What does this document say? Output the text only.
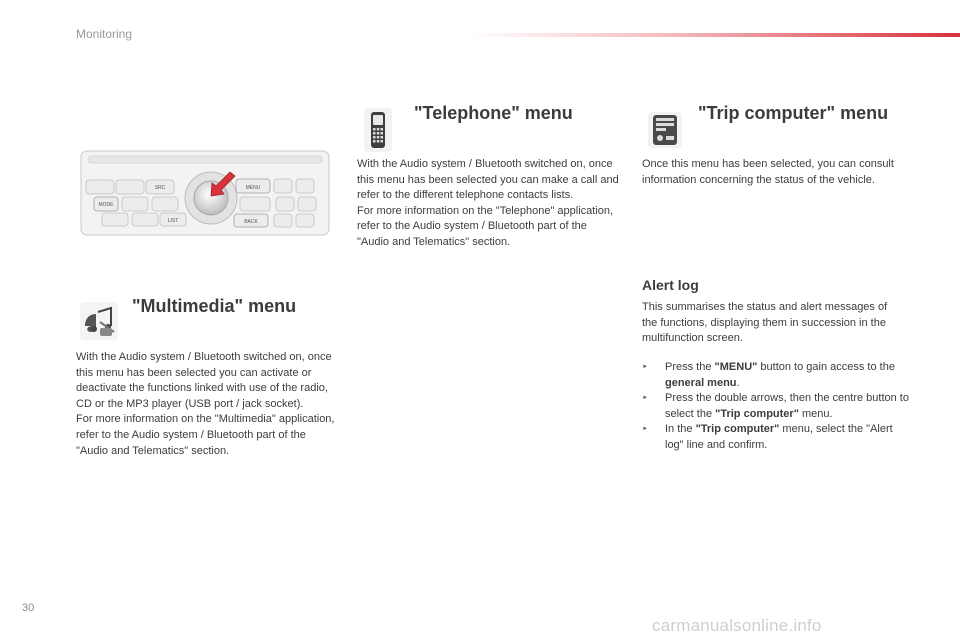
Monitoring
MENU
BACK
MODE
LIST
SRC
"Multimedia" menu

With the Audio system / Bluetooth switched on, once this menu has been selected you can activate or deactivate the functions linked with use of the radio, CD or the MP3 player (USB port / jack socket).

For more information on the "Multimedia" application, refer to the Audio system / Bluetooth part of the "Audio and Telematics" section.

"Telephone" menu

With the Audio system / Bluetooth switched on, once this menu has been selected you can make a call and refer to the different telephone contacts lists.

For more information on the "Telephone" application, refer to the Audio system / Bluetooth part of the "Audio and Telematics" section.

"Trip computer" menu
Once this menu has been selected, you can consult information concerning the status of the vehicle.
Alert log
This summarises the status and alert messages of the functions, displaying them in succession in the multifunction screen.
‣ Press the "MENU" button to gain access to the general menu.
‣ Press the double arrows, then the centre button to select the "Trip computer" menu.
‣ In the "Trip computer" menu, select the "Alert log" line and confirm.
30
carmanualsonline.info
